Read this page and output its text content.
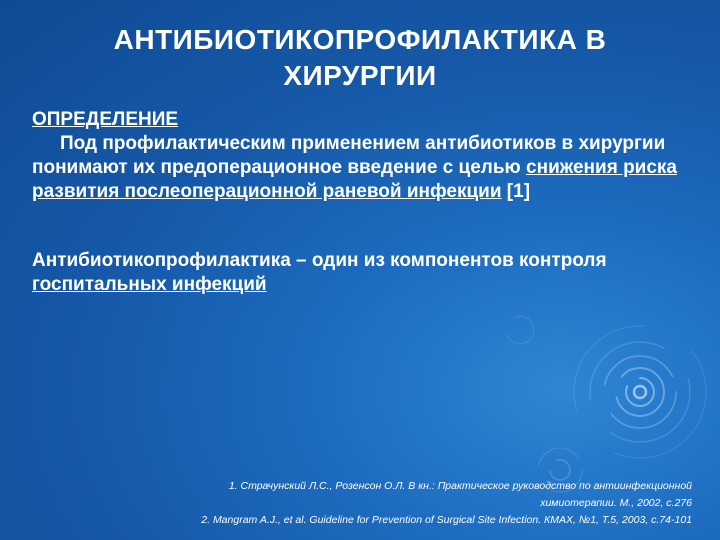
АНТИБИОТИКОПРОФИЛАКТИКА В
ХИРУРГИИ
ОПРЕДЕЛЕНИЕ
Под профилактическим применением антибиотиков в хирургии понимают их предоперационное введение с целью снижения риска развития послеоперационной раневой инфекции [1]
Антибиотикопрофилактика – один из компонентов контроля госпитальных инфекций
1. Страчунский Л.С., Розенсон О.Л. В кн.: Практическое руководство по антиинфекционной
химиотерапии. М., 2002, с.276
2. Mangram A.J., et al. Guideline for Prevention of Surgical Site Infection. КМАХ, №1, Т.5, 2003, с.74-101
